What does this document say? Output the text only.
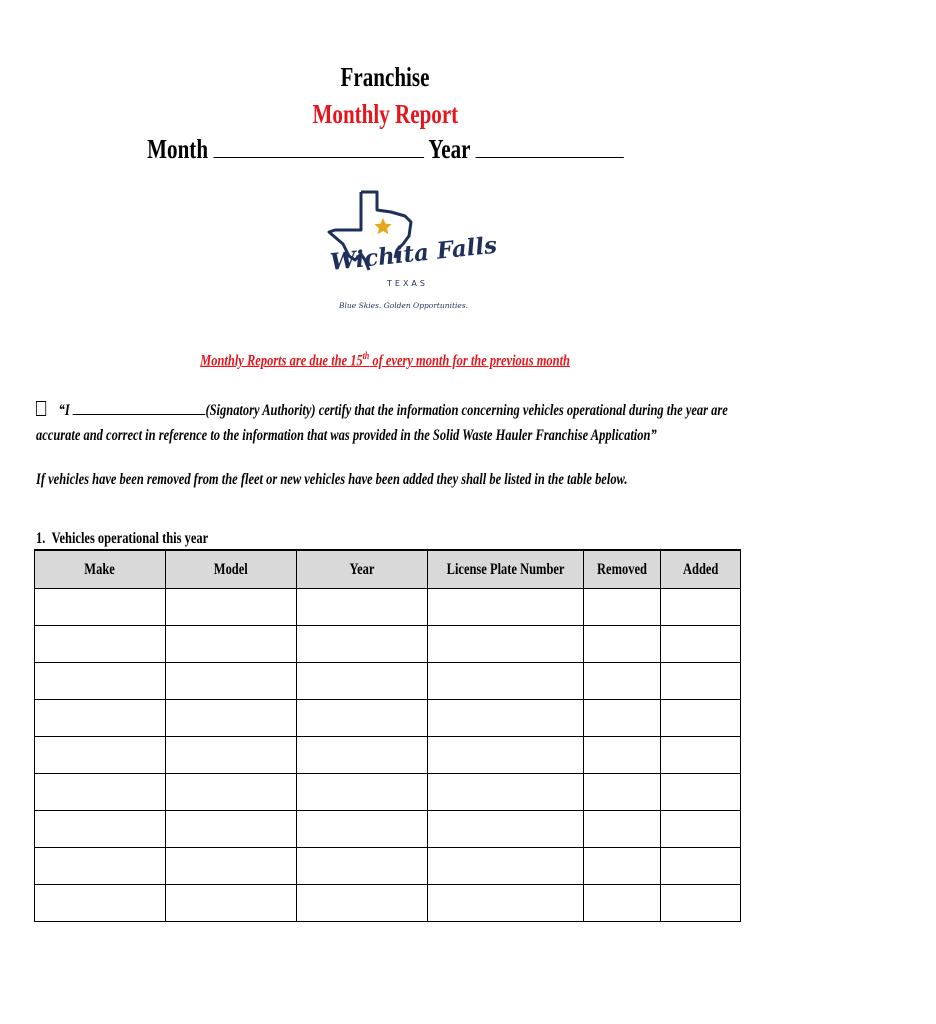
Franchise
Monthly Report
Month	Year
Wichita Falls
TEXAS
Blue Skies. Golden Opportunities.
Monthly Reports are due the 15th of every month for the previous month
“I	(Signatory Authority) certify that the information concerning vehicles operational during the year are
accurate and correct in reference to the information that was provided in the Solid Waste Hauler Franchise Application”
If vehicles have been removed from the fleet or new vehicles have been added they shall be listed in the table below.
1. Vehicles operational this year
Make	Model	Year	License Plate Number	Removed	Added
